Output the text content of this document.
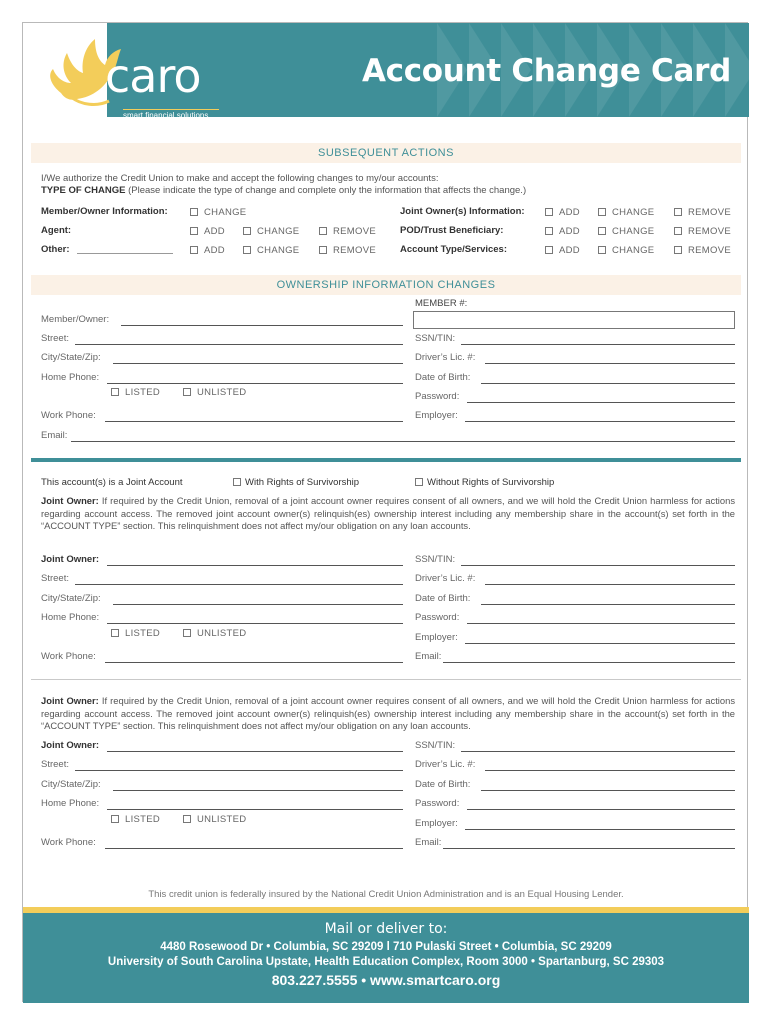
caro
smart financial solutions
Account Change Card
SUBSEQUENT ACTIONS
I/We authorize the Credit Union to make and accept the following changes to my/our accounts:
TYPE OF CHANGE (Please indicate the type of change and complete only the information that affects the change.)
Member/Owner Information:	CHANGE	Joint Owner(s) Information:	ADD	CHANGE	REMOVE
Agent:	ADD	CHANGE	REMOVE	POD/Trust Beneficiary:	ADD	CHANGE	REMOVE
Other:	ADD	CHANGE	REMOVE	Account Type/Services:	ADD	CHANGE	REMOVE
OWNERSHIP INFORMATION CHANGES
MEMBER #:
Member/Owner:
Street:	SSN/TIN:
City/State/Zip:	Driver’s Lic. #:
Home Phone:	Date of Birth:
LISTED	UNLISTED	Password:
Work Phone:	Employer:
Email:
This account(s) is a Joint Account	With Rights of Survivorship	Without Rights of Survivorship
Joint Owner: If required by the Credit Union, removal of a joint account owner requires consent of all owners, and we will hold the Credit Union harmless for actions regarding account access. The removed joint account owner(s) relinquish(es) ownership interest including any membership share in the account(s) set forth in the “ACCOUNT TYPE” section. This relinquishment does not affect my/our obligation on any loan accounts.
Joint Owner:	SSN/TIN:
Street:	Driver’s Lic. #:
City/State/Zip:	Date of Birth:
Home Phone:	Password:
LISTED	UNLISTED	Employer:
Work Phone:	Email:
Joint Owner: If required by the Credit Union, removal of a joint account owner requires consent of all owners, and we will hold the Credit Union harmless for actions regarding account access. The removed joint account owner(s) relinquish(es) ownership interest including any membership share in the account(s) set forth in the “ACCOUNT TYPE” section. This relinquishment does not affect my/our obligation on any loan accounts.
Joint Owner:	SSN/TIN:
Street:	Driver’s Lic. #:
City/State/Zip:	Date of Birth:
Home Phone:	Password:
LISTED	UNLISTED	Employer:
Work Phone:	Email:
This credit union is federally insured by the National Credit Union Administration and is an Equal Housing Lender.
Mail or deliver to:
4480 Rosewood Dr • Columbia, SC 29209 l 710 Pulaski Street • Columbia, SC 29209
University of South Carolina Upstate, Health Education Complex, Room 3000 • Spartanburg, SC 29303
803.227.5555 • www.smartcaro.org
